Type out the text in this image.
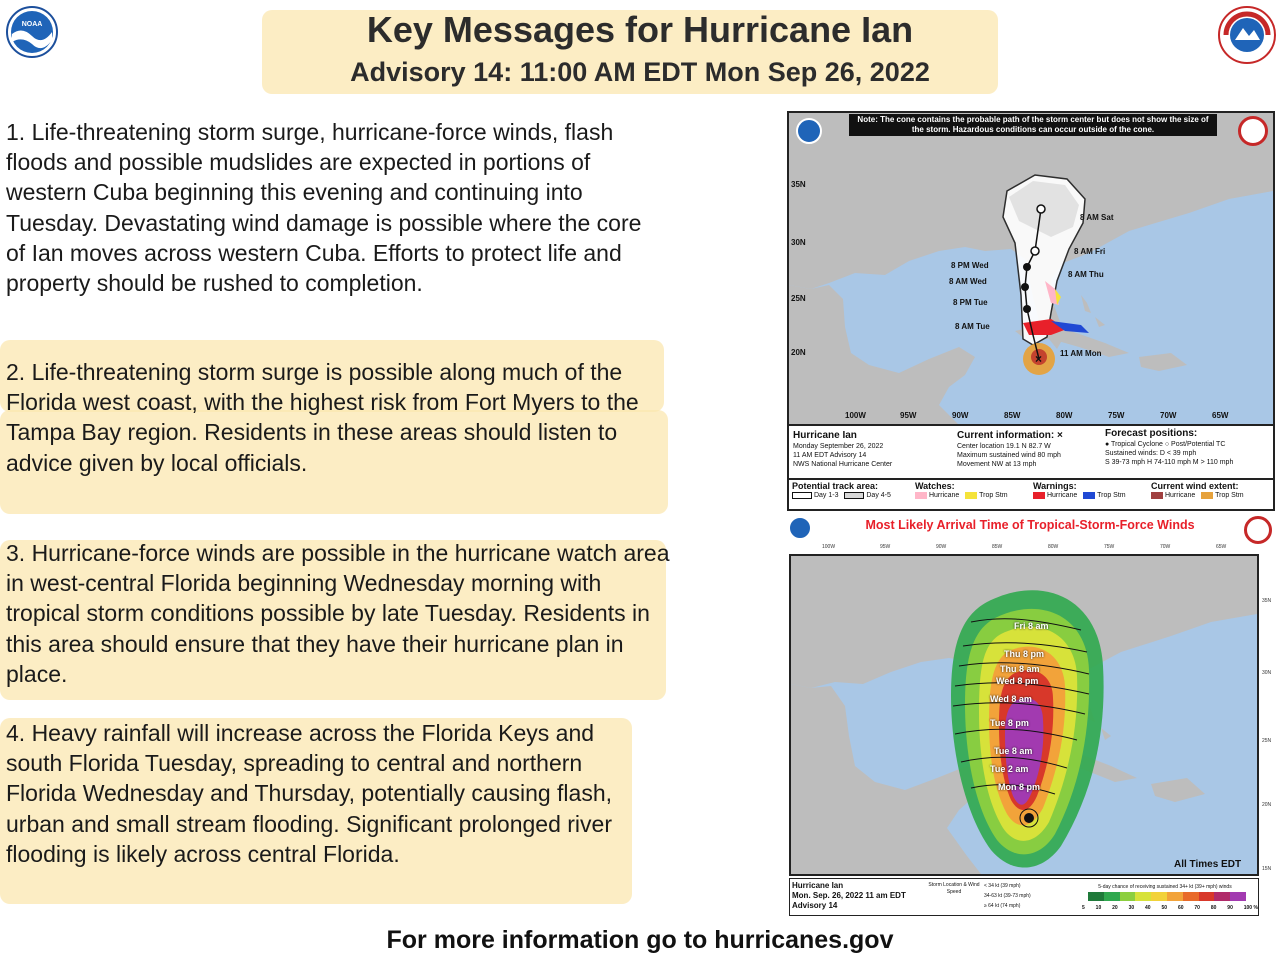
NOAA	Key Messages for Hurricane Ian
Advisory 14: 11:00 AM EDT Mon Sep 26, 2022
1. Life-threatening storm surge, hurricane-force winds, flash floods and possible mudslides are expected in portions of western Cuba beginning this evening and continuing into Tuesday. Devastating wind damage is possible where the core of Ian moves across western Cuba. Efforts to protect life and property should be rushed to completion.
2. Life-threatening storm surge is possible along much of the Florida west coast, with the highest risk from Fort Myers to the Tampa Bay region. Residents in these areas should listen to advice given by local officials.
3. Hurricane-force winds are possible in the hurricane watch area in west-central Florida beginning Wednesday morning with tropical storm conditions possible by late Tuesday. Residents in this area should ensure that they have their hurricane plan in place.
4. Heavy rainfall will increase across the Florida Keys and south Florida Tuesday, spreading to central and northern Florida Wednesday and Thursday, potentially causing flash, urban and small stream flooding. Significant prolonged river flooding is likely across central Florida.
×
Note: The cone contains the probable path of the storm center but does not show the size of the storm. Hazardous conditions can occur outside of the cone.
35N
30N
25N
20N
100W	95W	90W	85W	80W	75W	70W	65W
8 AM Sat
8 AM Fri
8 AM Thu
8 PM Wed
8 AM Wed
8 PM Tue
8 AM Tue
11 AM Mon
Hurricane Ian
Monday September 26, 2022
11 AM EDT Advisory 14
NWS National Hurricane Center
Current information: ×
Center location 19.1 N 82.7 W
Maximum sustained wind 80 mph
Movement NW at 13 mph
Forecast positions:
● Tropical Cyclone ○ Post/Potential TC
Sustained winds: D < 39 mph
S 39-73 mph H 74-110 mph M > 110 mph
Potential track area:
Day 1-3	Day 4-5
Watches:
Hurricane	Trop Stm
Warnings:
Hurricane	Trop Stm
Current wind extent:
Hurricane	Trop Stm
Most Likely Arrival Time of Tropical-Storm-Force Winds
100W	95W	90W	85W	80W	75W	70W	65W
35N
30N
25N
20N
15N
Fri 8 am
Thu 8 pm
Thu 8 am
Wed 8 pm
Wed 8 am
Tue 8 pm
Tue 8 am
Tue 2 am
Mon 8 pm
All Times EDT
Hurricane Ian
Mon. Sep. 26, 2022 11 am EDT
Advisory 14
Storm Location & Wind Speed
< 34 kt (39 mph)
34-63 kt (39-73 mph)
≥ 64 kt (74 mph)
5-day chance of receiving sustained 34+ kt (39+ mph) winds
5 10 20 30 40 50 60 70 80 90 100 %
For more information go to hurricanes.gov
